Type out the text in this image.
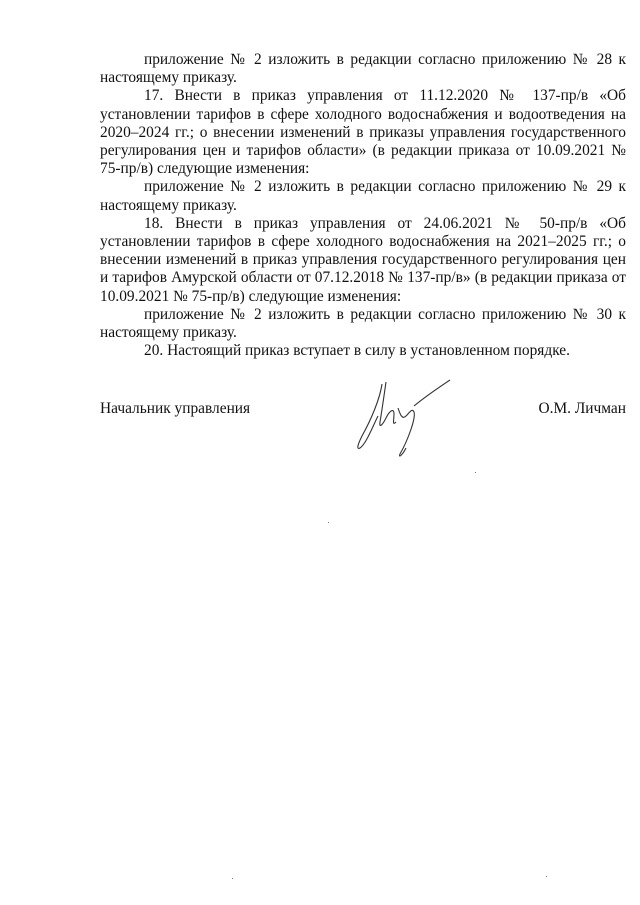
приложение № 2 изложить в редакции согласно приложению № 28 к настоящему приказу.

17. Внести в приказ управления от 11.12.2020 № 137-пр/в «Об установлении тарифов в сфере холодного водоснабжения и водоотведения на 2020–2024 гг.; о внесении изменений в приказы управления государственного регулирования цен и тарифов области» (в редакции приказа от 10.09.2021 № 75-пр/в) следующие изменения:

приложение № 2 изложить в редакции согласно приложению № 29 к настоящему приказу.

18. Внести в приказ управления от 24.06.2021 № 50-пр/в «Об установлении тарифов в сфере холодного водоснабжения на 2021–2025 гг.; о внесении изменений в приказ управления государственного регулирования цен и тарифов Амурской области от 07.12.2018 № 137-пр/в» (в редакции приказа от 10.09.2021 № 75-пр/в) следующие изменения:

приложение № 2 изложить в редакции согласно приложению № 30 к настоящему приказу.

20. Настоящий приказ вступает в силу в установленном порядке.

Начальник управления	О.М. Личман
